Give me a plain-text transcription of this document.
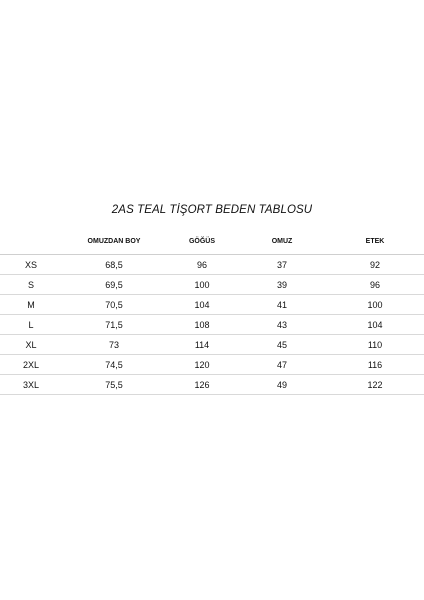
2AS TEAL TİŞORT BEDEN TABLOSU
	OMUZDAN BOY	GÖĞÜS	OMUZ	ETEK
XS	68,5	96	37	92
S	69,5	100	39	96
M	70,5	104	41	100
L	71,5	108	43	104
XL	73	114	45	110
2XL	74,5	120	47	116
3XL	75,5	126	49	122
